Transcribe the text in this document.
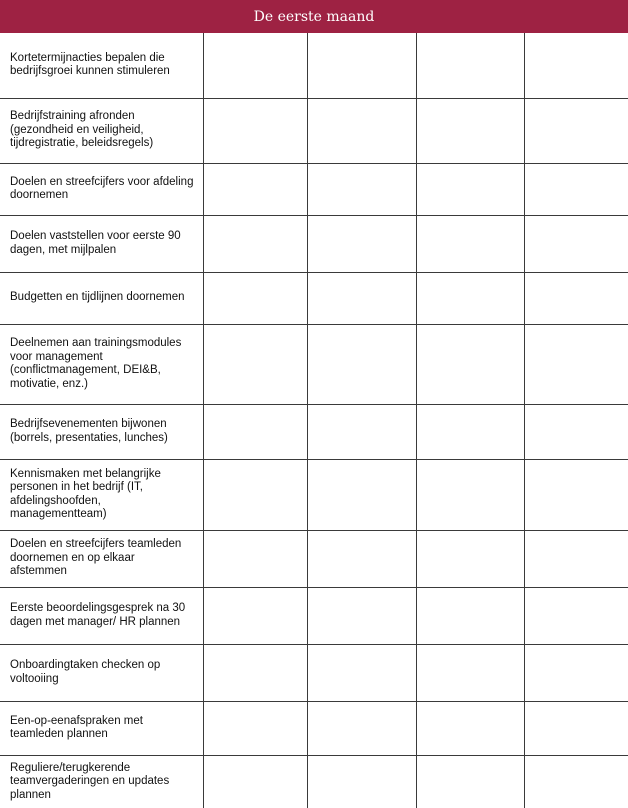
De eerste maand
Kortetermijnacties bepalen die bedrijfsgroei kunnen stimuleren				
Bedrijfstraining afronden (gezondheid en veiligheid, tijdregistratie, beleidsregels)				
Doelen en streefcijfers voor afdeling doornemen				
Doelen vaststellen voor eerste 90 dagen, met mijlpalen				
Budgetten en tijdlijnen doornemen				
Deelnemen aan trainingsmodules voor management (conflictmanagement, DEI&B, motivatie, enz.)				
Bedrijfsevenementen bijwonen (borrels, presentaties, lunches)				
Kennismaken met belangrijke personen in het bedrijf (IT, afdelingshoofden, managementteam)				
Doelen en streefcijfers teamleden doornemen en op elkaar afstemmen				
Eerste beoordelingsgesprek na 30 dagen met manager/ HR plannen				
Onboardingtaken checken op voltooiing				
Een-op-eenafspraken met teamleden plannen				
Reguliere/terugkerende teamvergaderingen en updates plannen				
